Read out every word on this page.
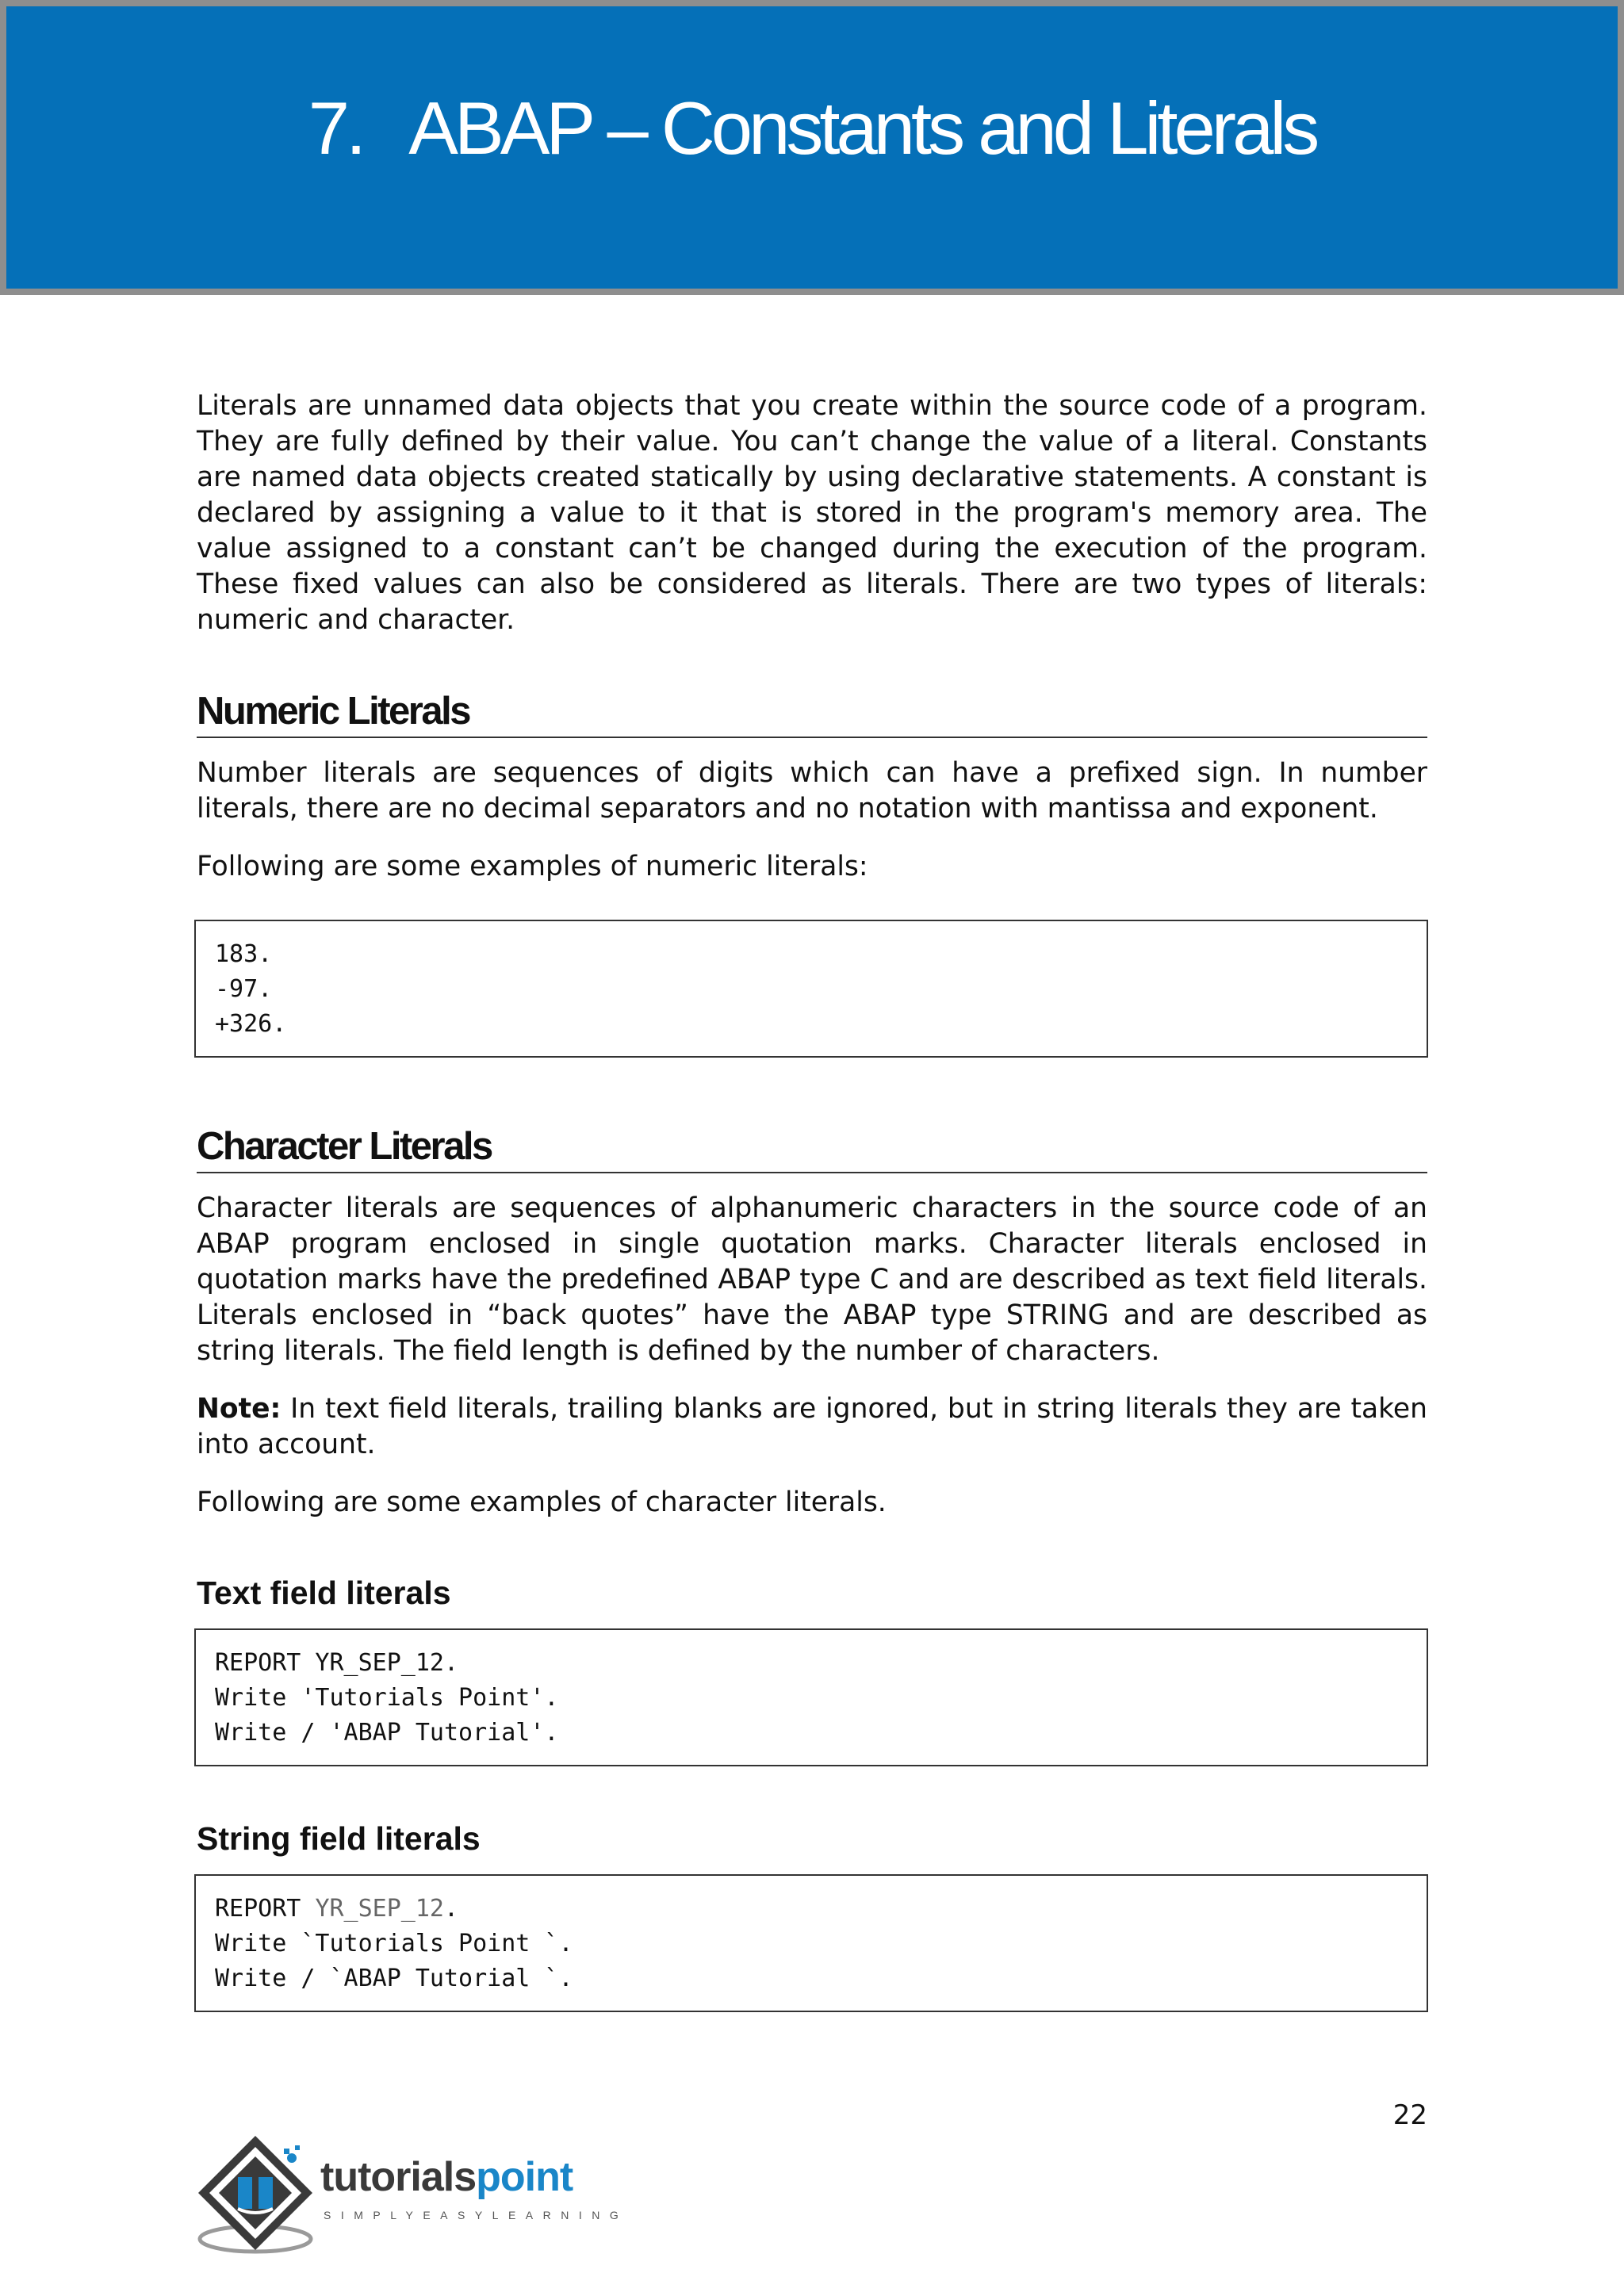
7.   ABAP – Constants and Literals

Literals are unnamed data objects that you create within the source code of a program. They are fully defined by their value. You can’t change the value of a literal. Constants are named data objects created statically by using declarative statements. A constant is declared by assigning a value to it that is stored in the program's memory area. The value assigned to a constant can’t be changed during the execution of the program. These fixed values can also be considered as literals. There are two types of literals: numeric and character.

Numeric Literals

Number literals are sequences of digits which can have a prefixed sign. In number literals, there are no decimal separators and no notation with mantissa and exponent.

Following are some examples of numeric literals:

183.
-97.
+326.
Character Literals

Character literals are sequences of alphanumeric characters in the source code of an ABAP program enclosed in single quotation marks. Character literals enclosed in quotation marks have the predefined ABAP type C and are described as text field literals. Literals enclosed in “back quotes” have the ABAP type STRING and are described as string literals. The field length is defined by the number of characters.

Note: In text field literals, trailing blanks are ignored, but in string literals they are taken into account.

Following are some examples of character literals.

Text field literals
REPORT YR_SEP_12.
Write 'Tutorials Point'.
Write / 'ABAP Tutorial'.
String field literals
REPORT YR_SEP_12.
Write `Tutorials Point `.
Write / `ABAP Tutorial `.
22
tutorialspoint
SIMPLYEASYLEARNING
